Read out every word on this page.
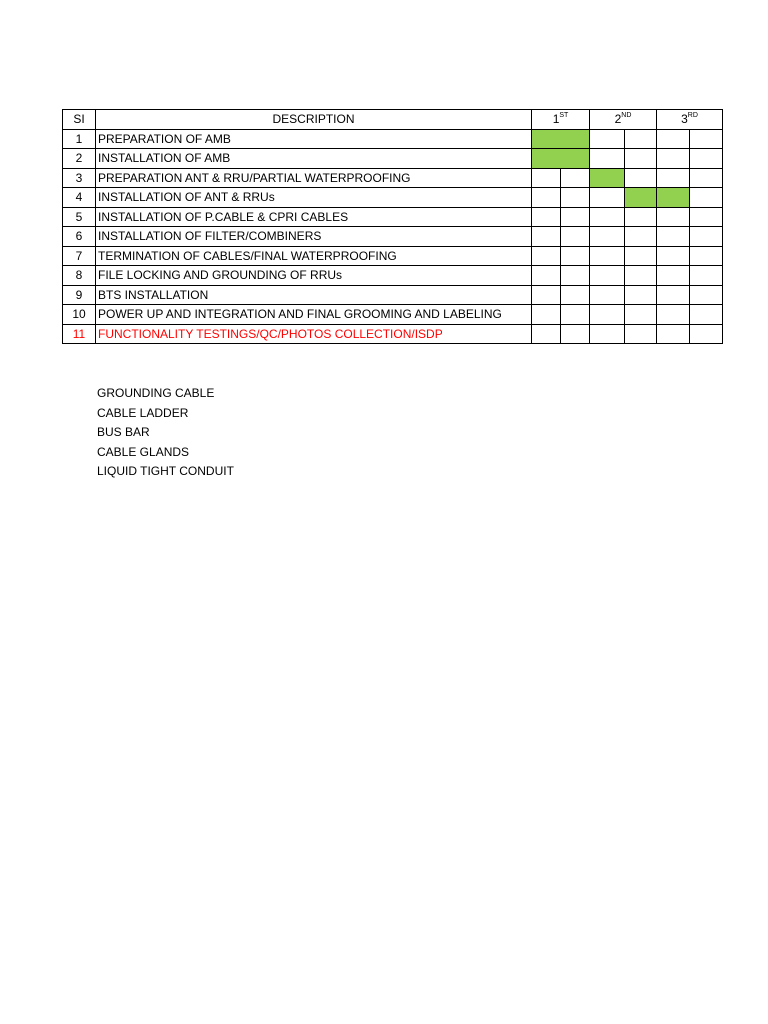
SI	DESCRIPTION	1ST		2ND		3RD
1	PREPARATION OF AMB						
2	INSTALLATION OF AMB						
3	PREPARATION ANT & RRU/PARTIAL WATERPROOFING						
4	INSTALLATION OF ANT & RRUs						
5	INSTALLATION OF P.CABLE & CPRI CABLES						
6	INSTALLATION OF FILTER/COMBINERS						
7	TERMINATION OF CABLES/FINAL WATERPROOFING						
8	FILE LOCKING AND GROUNDING OF RRUs						
9	BTS INSTALLATION						
10	POWER UP AND INTEGRATION AND FINAL GROOMING AND LABELING						
11	FUNCTIONALITY TESTINGS/QC/PHOTOS COLLECTION/ISDP						
GROUNDING CABLE
CABLE LADDER
BUS BAR
CABLE GLANDS
LIQUID TIGHT CONDUIT
